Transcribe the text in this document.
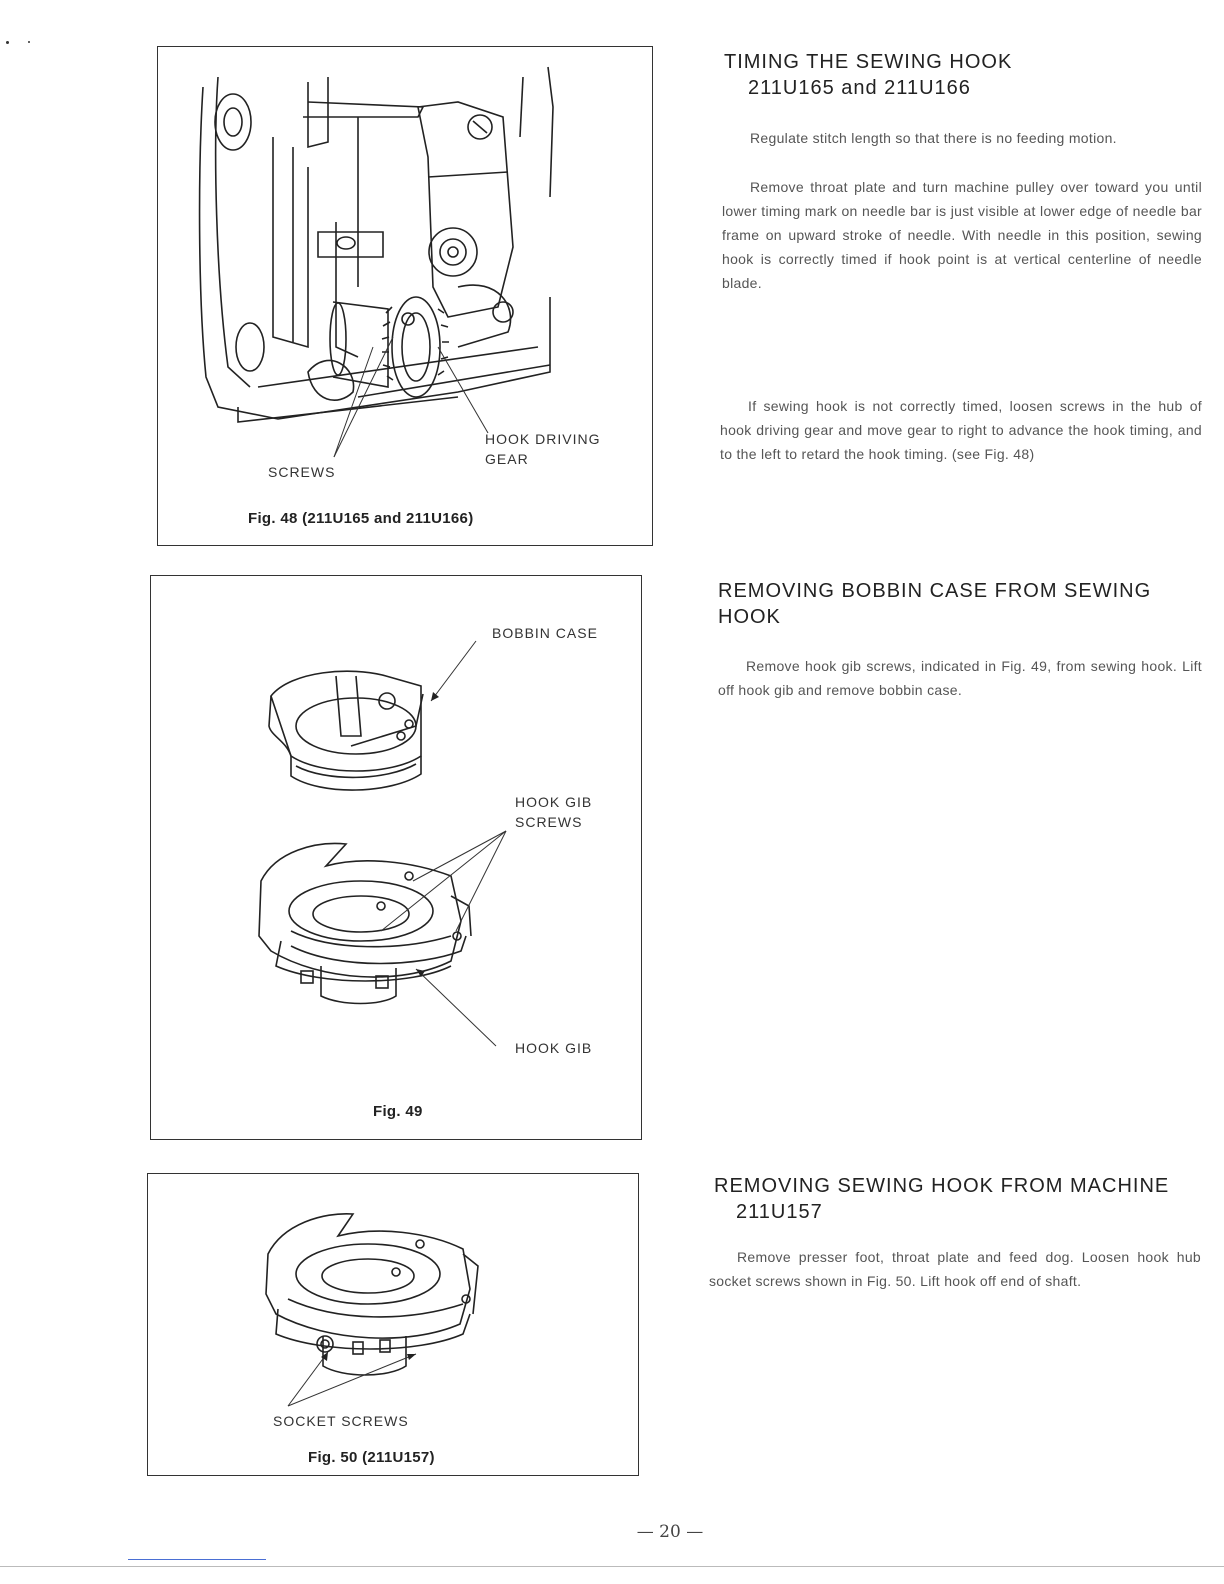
SCREWS
HOOK DRIVING
GEAR
Fig. 48 (211U165 and 211U166)
BOBBIN CASE
HOOK GIB
SCREWS
HOOK GIB
Fig. 49
SOCKET SCREWS
Fig. 50 (211U157)
TIMING THE SEWING HOOK
211U165 and 211U166
Regulate stitch length so that there is no feeding motion.
Remove throat plate and turn machine pulley over toward you until lower timing mark on needle bar is just visible at lower edge of needle bar frame on upward stroke of needle. With needle in this position, sewing hook is correctly timed if hook point is at vertical centerline of needle blade.
If sewing hook is not correctly timed, loosen screws in the hub of hook driving gear and move gear to right to advance the hook timing, and to the left to retard the hook timing. (see Fig. 48)
REMOVING BOBBIN CASE FROM SEWING
HOOK
Remove hook gib screws, indicated in Fig. 49, from sewing hook. Lift off hook gib and remove bobbin case.
REMOVING SEWING HOOK FROM MACHINE
211U157
Remove presser foot, throat plate and feed dog. Loosen hook hub socket screws shown in Fig. 50. Lift hook off end of shaft.
— 20 —
